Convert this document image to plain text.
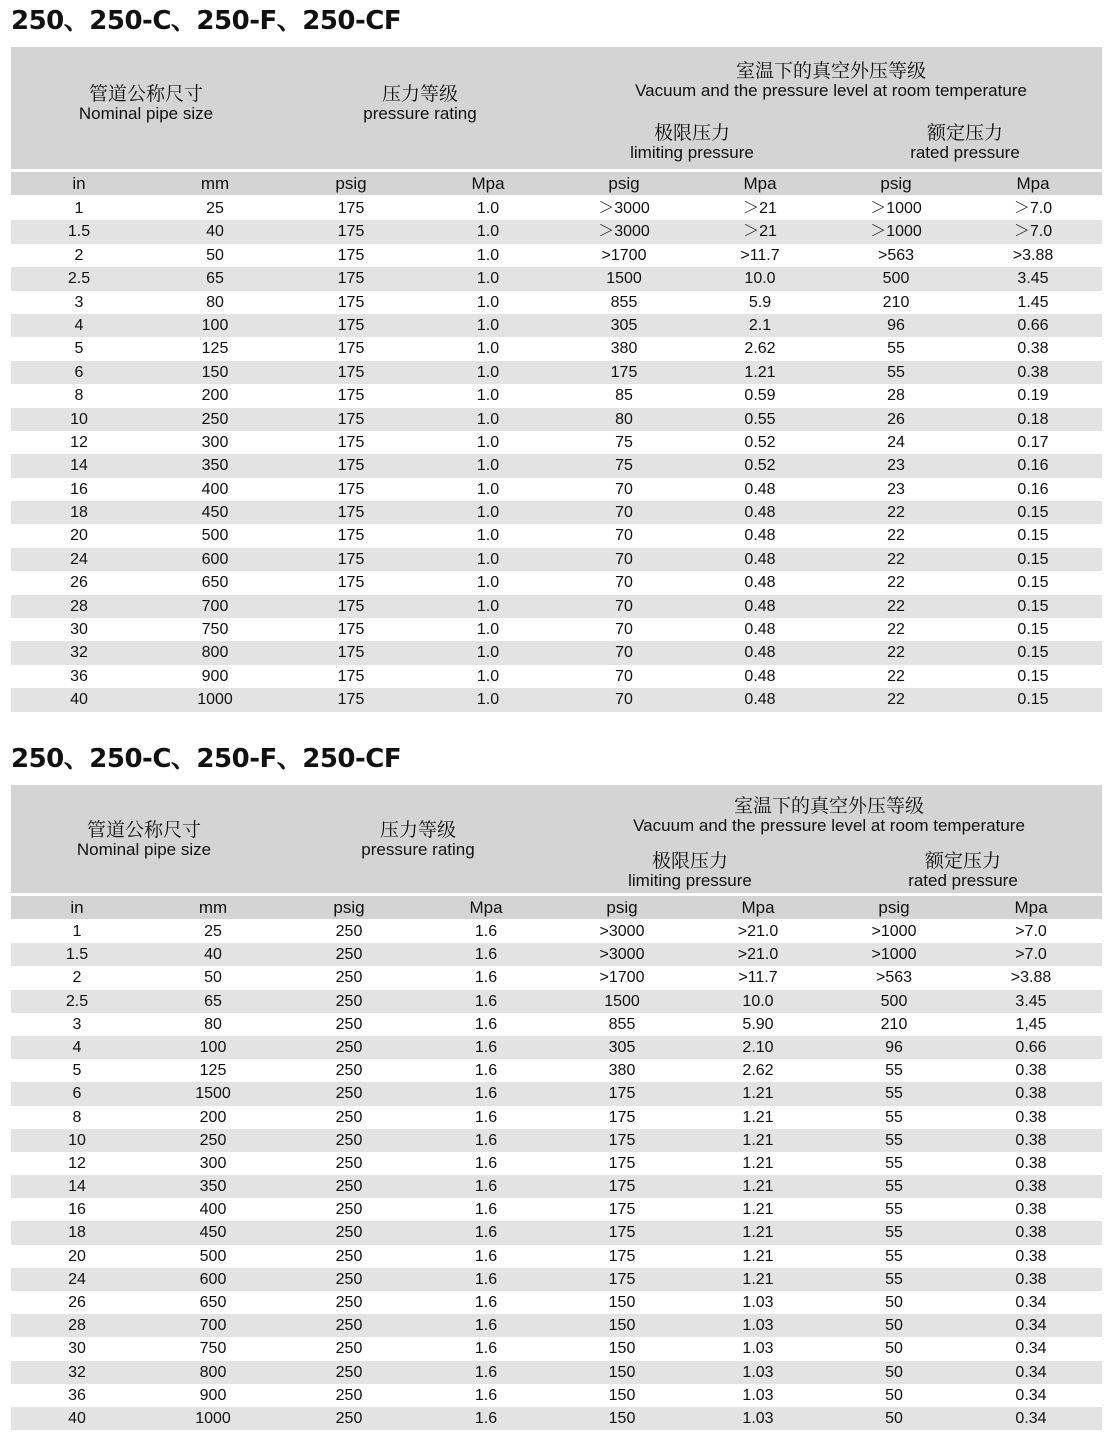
250、250-C、250-F、250-CF
管道公称尺寸
Nominal pipe size
压力等级
pressure rating
室温下的真空外压等级
Vacuum and the pressure level at room temperature
极限压力
limiting pressure
额定压力
rated pressure
in	mm	psig	Mpa	psig	Mpa	psig	Mpa
1	25	175	1.0	＞3000	＞21	＞1000	＞7.0
1.5	40	175	1.0	＞3000	＞21	＞1000	＞7.0
2	50	175	1.0	>1700	>11.7	>563	>3.88
2.5	65	175	1.0	1500	10.0	500	3.45
3	80	175	1.0	855	5.9	210	1.45
4	100	175	1.0	305	2.1	96	0.66
5	125	175	1.0	380	2.62	55	0.38
6	150	175	1.0	175	1.21	55	0.38
8	200	175	1.0	85	0.59	28	0.19
10	250	175	1.0	80	0.55	26	0.18
12	300	175	1.0	75	0.52	24	0.17
14	350	175	1.0	75	0.52	23	0.16
16	400	175	1.0	70	0.48	23	0.16
18	450	175	1.0	70	0.48	22	0.15
20	500	175	1.0	70	0.48	22	0.15
24	600	175	1.0	70	0.48	22	0.15
26	650	175	1.0	70	0.48	22	0.15
28	700	175	1.0	70	0.48	22	0.15
30	750	175	1.0	70	0.48	22	0.15
32	800	175	1.0	70	0.48	22	0.15
36	900	175	1.0	70	0.48	22	0.15
40	1000	175	1.0	70	0.48	22	0.15
250、250-C、250-F、250-CF
管道公称尺寸
Nominal pipe size
压力等级
pressure rating
室温下的真空外压等级
Vacuum and the pressure level at room temperature
极限压力
limiting pressure
额定压力
rated pressure
in	mm	psig	Mpa	psig	Mpa	psig	Mpa
1	25	250	1.6	>3000	>21.0	>1000	>7.0
1.5	40	250	1.6	>3000	>21.0	>1000	>7.0
2	50	250	1.6	>1700	>11.7	>563	>3.88
2.5	65	250	1.6	1500	10.0	500	3.45
3	80	250	1.6	855	5.90	210	1,45
4	100	250	1.6	305	2.10	96	0.66
5	125	250	1.6	380	2.62	55	0.38
6	1500	250	1.6	175	1.21	55	0.38
8	200	250	1.6	175	1.21	55	0.38
10	250	250	1.6	175	1.21	55	0.38
12	300	250	1.6	175	1.21	55	0.38
14	350	250	1.6	175	1.21	55	0.38
16	400	250	1.6	175	1.21	55	0.38
18	450	250	1.6	175	1.21	55	0.38
20	500	250	1.6	175	1.21	55	0.38
24	600	250	1.6	175	1.21	55	0.38
26	650	250	1.6	150	1.03	50	0.34
28	700	250	1.6	150	1.03	50	0.34
30	750	250	1.6	150	1.03	50	0.34
32	800	250	1.6	150	1.03	50	0.34
36	900	250	1.6	150	1.03	50	0.34
40	1000	250	1.6	150	1.03	50	0.34
